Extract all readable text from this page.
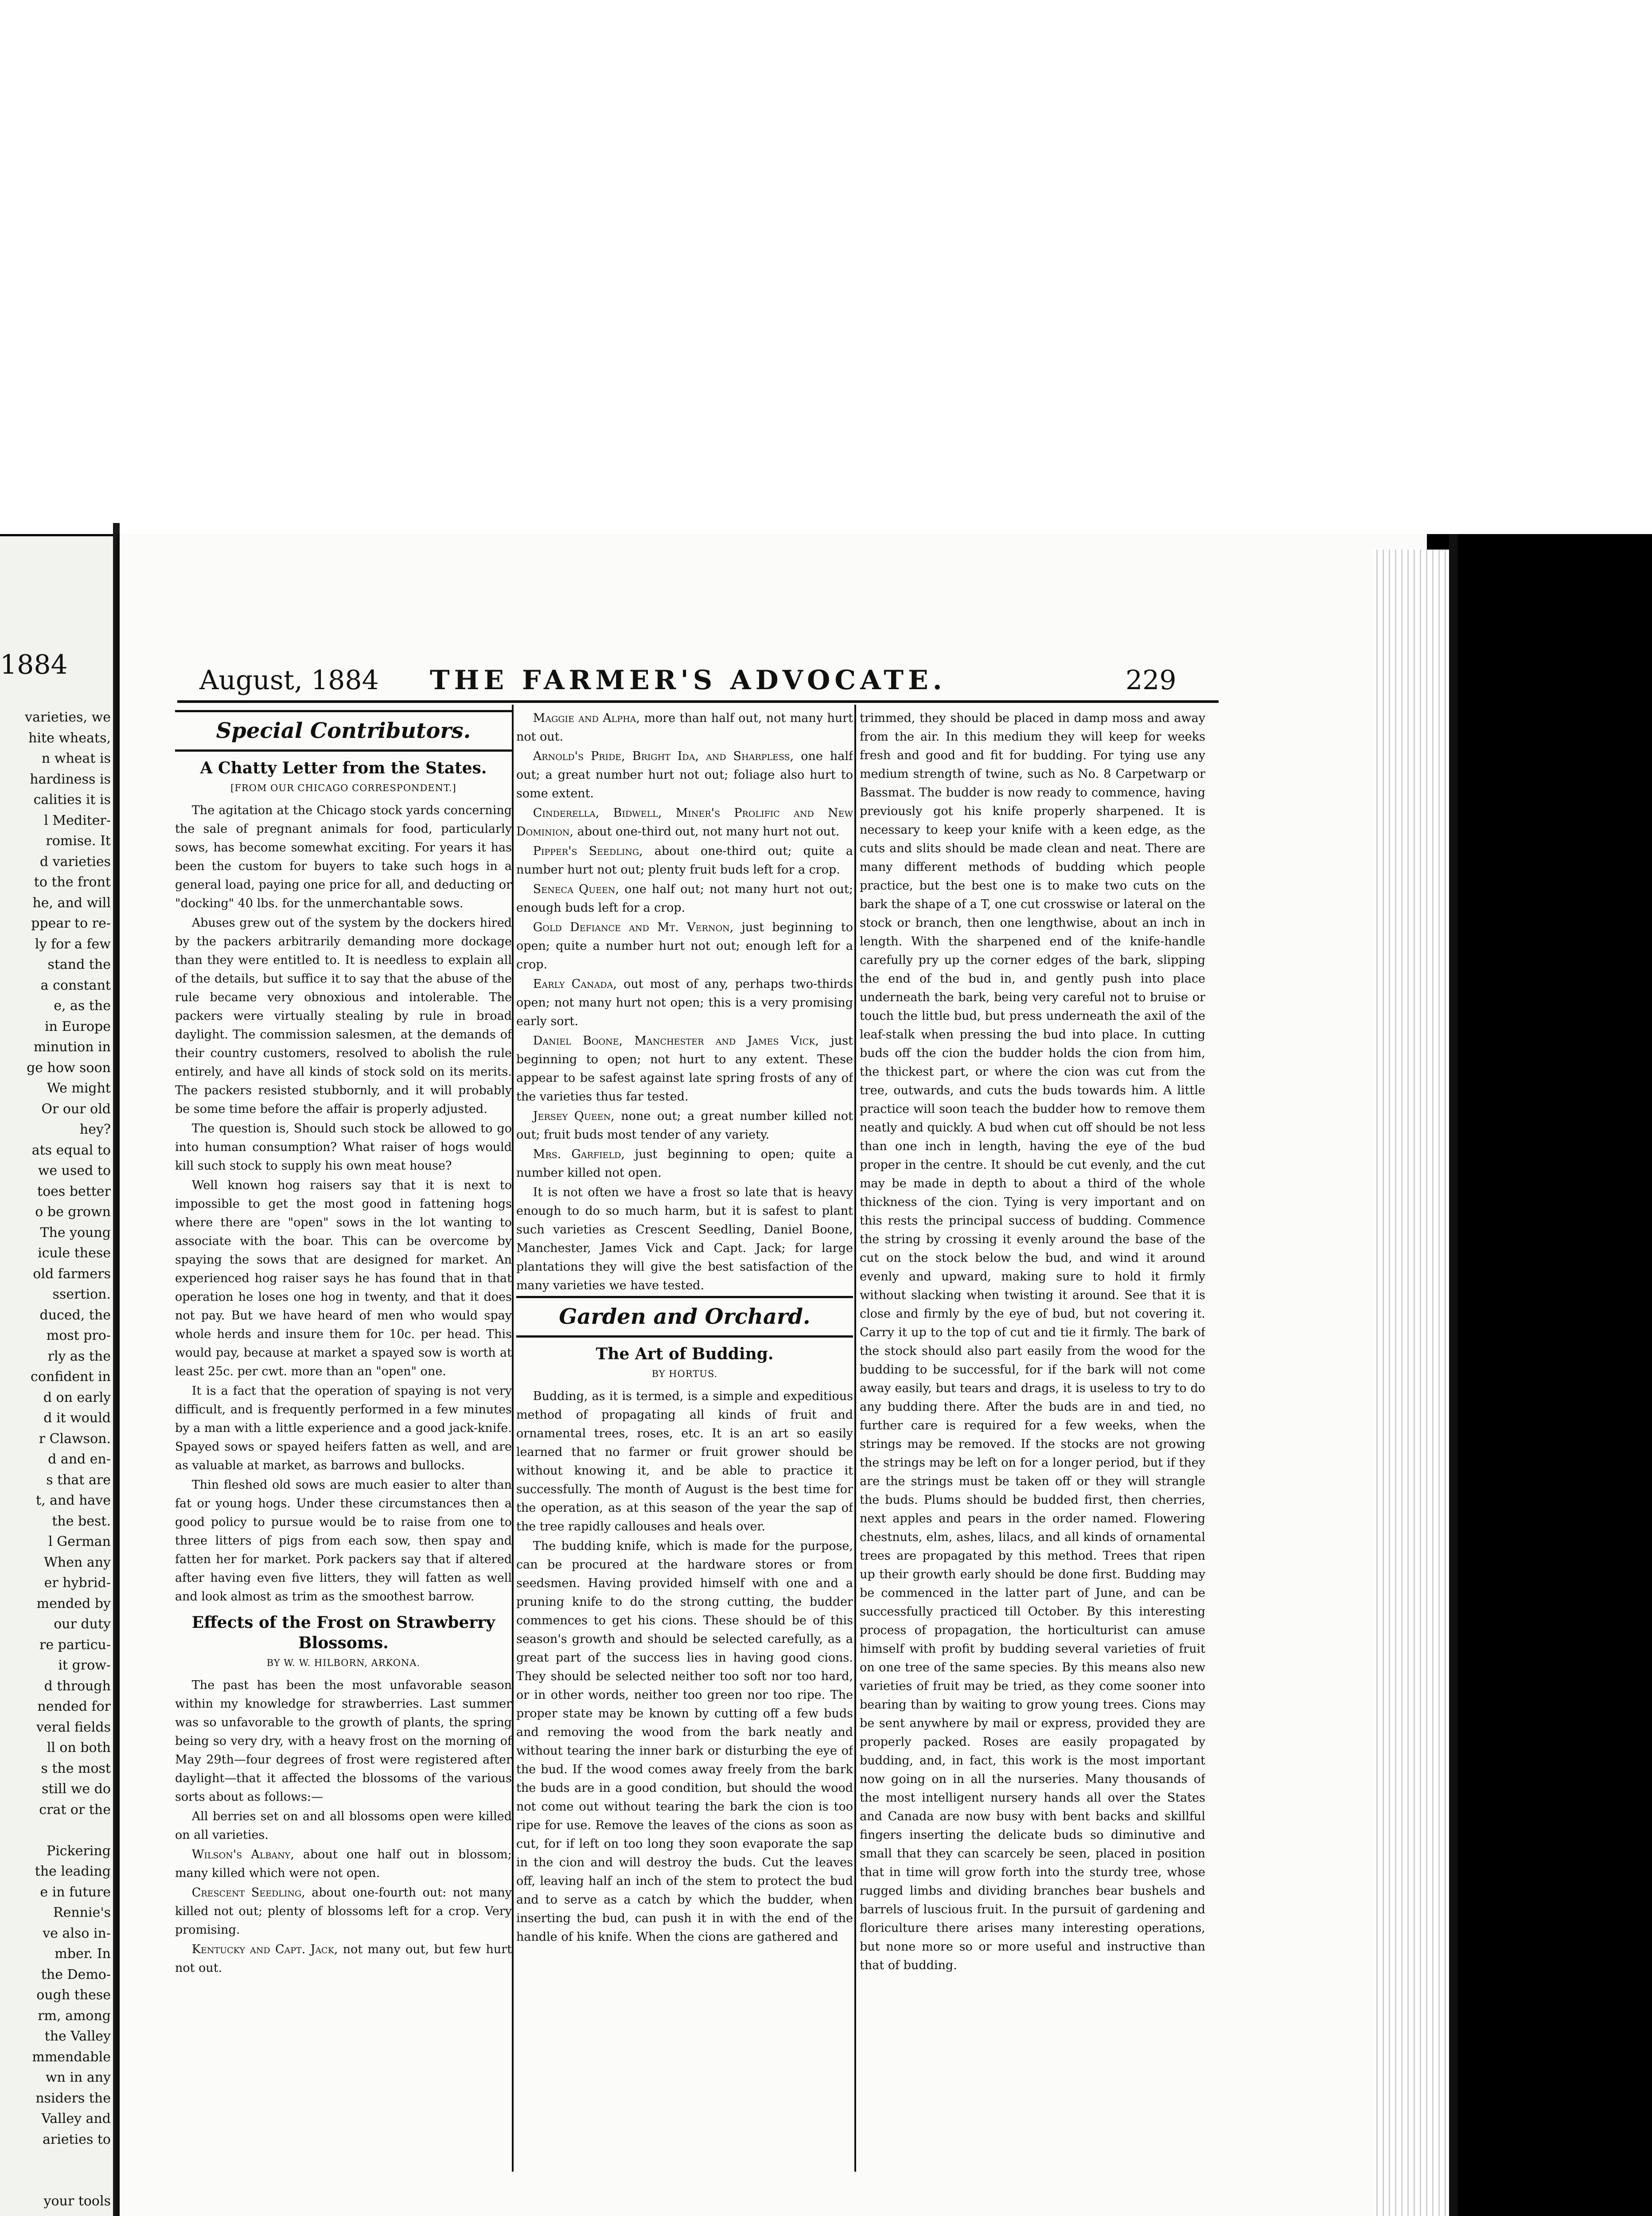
1884
varieties, we
hite wheats,
n wheat is
hardiness is
calities it is
l Mediter-
romise. It
d varieties
to the front
he, and will
ppear to re-
ly for a few
stand the
a constant
e, as the
in Europe
minution in
ge how soon
We might
Or our old
hey?
ats equal to
we used to
toes better
o be grown
The young
icule these
old farmers
ssertion.
duced, the
most pro-
rly as the
confident in
d on early
d it would
r Clawson.
d and en-
s that are
t, and have
the best.
l German
When any
er hybrid-
mended by
our duty
re particu-
it grow-
d through
nended for
veral fields
ll on both
s the most
still we do
crat or the
Pickering
the leading
e in future
Rennie's
ve also in-
mber. In
the Demo-
ough these
rm, among
the Valley
mmendable
wn in any
nsiders the
Valley and
arieties to
your tools
August, 1884 THE FARMER'S ADVOCATE.	229
Special Contributors.
A Chatty Letter from the States.
[FROM OUR CHICAGO CORRESPONDENT.]

The agitation at the Chicago stock yards concerning the sale of pregnant animals for food, particularly sows, has become somewhat exciting. For years it has been the custom for buyers to take such hogs in a general load, paying one price for all, and deducting or "docking" 40 lbs. for the unmerchantable sows.

Abuses grew out of the system by the dockers hired by the packers arbitrarily demanding more dockage than they were entitled to. It is needless to explain all of the details, but suffice it to say that the abuse of the rule became very obnoxious and intolerable. The packers were virtually stealing by rule in broad daylight. The commission salesmen, at the demands of their country customers, resolved to abolish the rule entirely, and have all kinds of stock sold on its merits. The packers resisted stubbornly, and it will probably be some time before the affair is properly adjusted.

The question is, Should such stock be allowed to go into human consumption? What raiser of hogs would kill such stock to supply his own meat house?

Well known hog raisers say that it is next to impossible to get the most good in fattening hogs where there are "open" sows in the lot wanting to associate with the boar. This can be overcome by spaying the sows that are designed for market. An experienced hog raiser says he has found that in that operation he loses one hog in twenty, and that it does not pay. But we have heard of men who would spay whole herds and insure them for 10c. per head. This would pay, because at market a spayed sow is worth at least 25c. per cwt. more than an "open" one.

It is a fact that the operation of spaying is not very difficult, and is frequently performed in a few minutes by a man with a little experience and a good jack-knife. Spayed sows or spayed heifers fatten as well, and are as valuable at market, as barrows and bullocks.

Thin fleshed old sows are much easier to alter than fat or young hogs. Under these circumstances then a good policy to pursue would be to raise from one to three litters of pigs from each sow, then spay and fatten her for market. Pork packers say that if altered after having even five litters, they will fatten as well and look almost as trim as the smoothest barrow.

Effects of the Frost on Strawberry Blossoms.
BY W. W. HILBORN, ARKONA.

The past has been the most unfavorable season within my knowledge for strawberries. Last summer was so unfavorable to the growth of plants, the spring being so very dry, with a heavy frost on the morning of May 29th—four degrees of frost were registered after daylight—that it affected the blossoms of the various sorts about as follows:—

All berries set on and all blossoms open were killed on all varieties.

Wilson's Albany, about one half out in blossom; many killed which were not open.

Crescent Seedling, about one-fourth out: not many killed not out; plenty of blossoms left for a crop. Very promising.

Kentucky and Capt. Jack, not many out, but few hurt not out.

Maggie and Alpha, more than half out, not many hurt not out.

Arnold's Pride, Bright Ida, and Sharpless, one half out; a great number hurt not out; foliage also hurt to some extent.

Cinderella, Bidwell, Miner's Prolific and New Dominion, about one-third out, not many hurt not out.

Pipper's Seedling, about one-third out; quite a number hurt not out; plenty fruit buds left for a crop.

Seneca Queen, one half out; not many hurt not out; enough buds left for a crop.

Gold Defiance and Mt. Vernon, just beginning to open; quite a number hurt not out; enough left for a crop.

Early Canada, out most of any, perhaps two-thirds open; not many hurt not open; this is a very promising early sort.

Daniel Boone, Manchester and James Vick, just beginning to open; not hurt to any extent. These appear to be safest against late spring frosts of any of the varieties thus far tested.

Jersey Queen, none out; a great number killed not out; fruit buds most tender of any variety.

Mrs. Garfield, just beginning to open; quite a number killed not open.

It is not often we have a frost so late that is heavy enough to do so much harm, but it is safest to plant such varieties as Crescent Seedling, Daniel Boone, Manchester, James Vick and Capt. Jack; for large plantations they will give the best satisfaction of the many varieties we have tested.

Garden and Orchard.
The Art of Budding.
BY HORTUS.

Budding, as it is termed, is a simple and expeditious method of propagating all kinds of fruit and ornamental trees, roses, etc. It is an art so easily learned that no farmer or fruit grower should be without knowing it, and be able to practice it successfully. The month of August is the best time for the operation, as at this season of the year the sap of the tree rapidly callouses and heals over.

The budding knife, which is made for the purpose, can be procured at the hardware stores or from seedsmen. Having provided himself with one and a pruning knife to do the strong cutting, the budder commences to get his cions. These should be of this season's growth and should be selected carefully, as a great part of the success lies in having good cions. They should be selected neither too soft nor too hard, or in other words, neither too green nor too ripe. The proper state may be known by cutting off a few buds and removing the wood from the bark neatly and without tearing the inner bark or disturbing the eye of the bud. If the wood comes away freely from the bark the buds are in a good condition, but should the wood not come out without tearing the bark the cion is too ripe for use. Remove the leaves of the cions as soon as cut, for if left on too long they soon evaporate the sap in the cion and will destroy the buds. Cut the leaves off, leaving half an inch of the stem to protect the bud and to serve as a catch by which the budder, when inserting the bud, can push it in with the end of the handle of his knife. When the cions are gathered and

trimmed, they should be placed in damp moss and away from the air. In this medium they will keep for weeks fresh and good and fit for budding. For tying use any medium strength of twine, such as No. 8 Carpetwarp or Bassmat. The budder is now ready to commence, having previously got his knife properly sharpened. It is necessary to keep your knife with a keen edge, as the cuts and slits should be made clean and neat. There are many different methods of budding which people practice, but the best one is to make two cuts on the bark the shape of a T, one cut crosswise or lateral on the stock or branch, then one lengthwise, about an inch in length. With the sharpened end of the knife-handle carefully pry up the corner edges of the bark, slipping the end of the bud in, and gently push into place underneath the bark, being very careful not to bruise or touch the little bud, but press underneath the axil of the leaf-stalk when pressing the bud into place. In cutting buds off the cion the budder holds the cion from him, the thickest part, or where the cion was cut from the tree, outwards, and cuts the buds towards him. A little practice will soon teach the budder how to remove them neatly and quickly. A bud when cut off should be not less than one inch in length, having the eye of the bud proper in the centre. It should be cut evenly, and the cut may be made in depth to about a third of the whole thickness of the cion. Tying is very important and on this rests the principal success of budding. Commence the string by crossing it evenly around the base of the cut on the stock below the bud, and wind it around evenly and upward, making sure to hold it firmly without slacking when twisting it around. See that it is close and firmly by the eye of bud, but not covering it. Carry it up to the top of cut and tie it firmly. The bark of the stock should also part easily from the wood for the budding to be successful, for if the bark will not come away easily, but tears and drags, it is useless to try to do any budding there. After the buds are in and tied, no further care is required for a few weeks, when the strings may be removed. If the stocks are not growing the strings may be left on for a longer period, but if they are the strings must be taken off or they will strangle the buds. Plums should be budded first, then cherries, next apples and pears in the order named. Flowering chestnuts, elm, ashes, lilacs, and all kinds of ornamental trees are propagated by this method. Trees that ripen up their growth early should be done first. Budding may be commenced in the latter part of June, and can be successfully practiced till October. By this interesting process of propagation, the horticulturist can amuse himself with profit by budding several varieties of fruit on one tree of the same species. By this means also new varieties of fruit may be tried, as they come sooner into bearing than by waiting to grow young trees. Cions may be sent anywhere by mail or express, provided they are properly packed. Roses are easily propagated by budding, and, in fact, this work is the most important now going on in all the nurseries. Many thousands of the most intelligent nursery hands all over the States and Canada are now busy with bent backs and skillful fingers inserting the delicate buds so diminutive and small that they can scarcely be seen, placed in position that in time will grow forth into the sturdy tree, whose rugged limbs and dividing branches bear bushels and barrels of luscious fruit. In the pursuit of gardening and floriculture there arises many interesting operations, but none more so or more useful and instructive than that of budding.
